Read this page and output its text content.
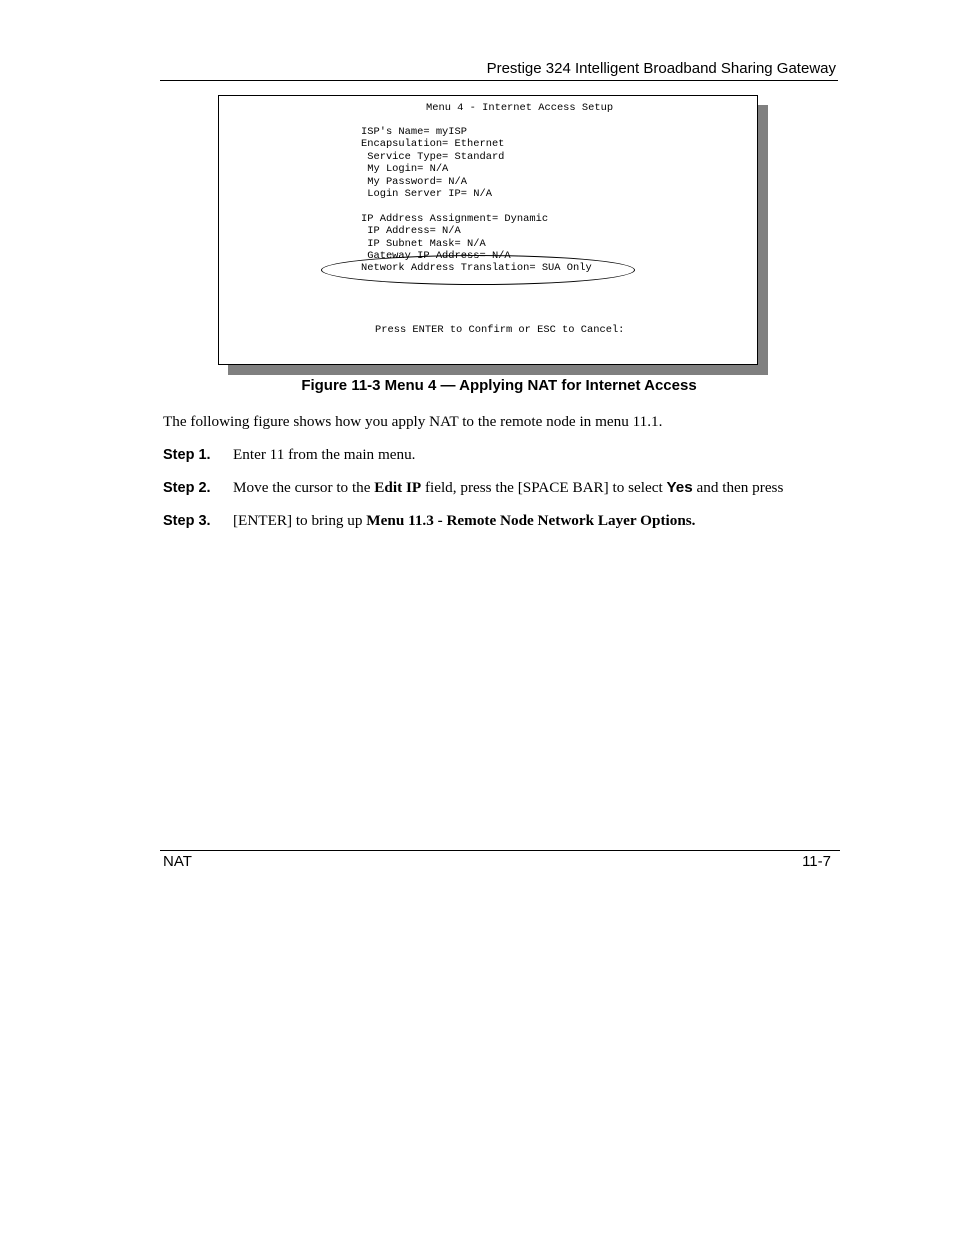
Prestige 324 Intelligent Broadband Sharing Gateway
Menu 4 - Internet Access Setup
ISP's Name= myISP
Encapsulation= Ethernet
Service Type= Standard
My Login= N/A
My Password= N/A
Login Server IP= N/A

IP Address Assignment= Dynamic
IP Address= N/A
IP Subnet Mask= N/A
Gateway IP Address= N/A
Network Address Translation= SUA Only
Press ENTER to Confirm or ESC to Cancel:
Figure 11-3 Menu 4 — Applying NAT for Internet Access
The following figure shows how you apply NAT to the remote node in menu 11.1.
Step 1. Enter 11 from the main menu.
Step 2. Move the cursor to the Edit IP field, press the [SPACE BAR] to select Yes and then press
Step 3. [ENTER] to bring up Menu 11.3 - Remote Node Network Layer Options.
NAT	11-7
